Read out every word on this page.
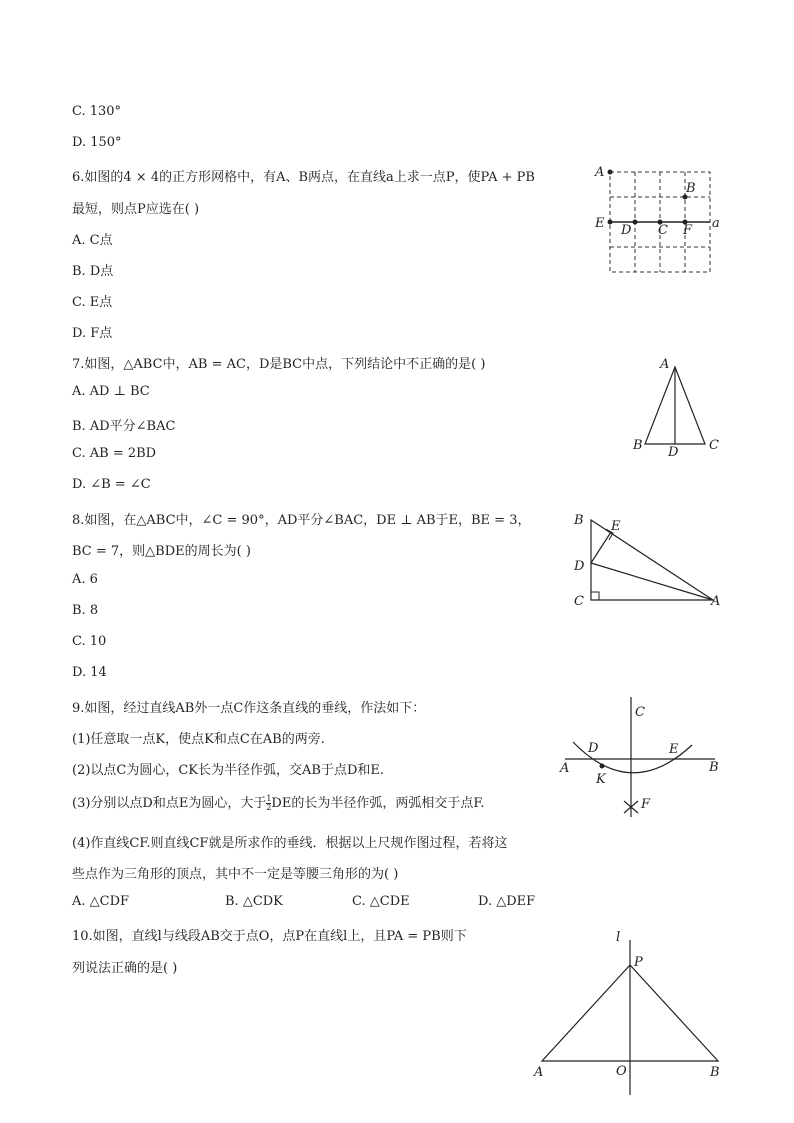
C. 130°
D. 150°
6.如图的4 × 4的正方形网格中，有A、B两点，在直线a上求一点P，使PA + PB
最短，则点P应选在( )
A. C点
B. D点
C. E点
D. F点
A
B
E D C F a
7.如图，△ABC中，AB = AC，D是BC中点，下列结论中不正确的是( )
A. AD ⊥ BC
B. AD平分∠BAC
C. AB = 2BD
D. ∠B = ∠C
A
B	C
D
8.如图，在△ABC中，∠C = 90°，AD平分∠BAC，DE ⊥ AB于E，BE = 3，
BC = 7，则△BDE的周长为( )
A. 6
B. 8
C. 10
D. 14
B E
D
C	A
9.如图，经过直线AB外一点C作这条直线的垂线，作法如下：
(1)任意取一点K，使点K和点C在AB的两旁.
(2)以点C为圆心，CK长为半径作弧，交AB于点D和E.
(3)分别以点D和点E为圆心，大于 $\frac{1}{2}$ DE的长为半径作弧，两弧相交于点F.
(4)作直线CF.则直线CF就是所求作的垂线．根据以上尺规作图过程，若将这
些点作为三角形的顶点，其中不一定是等腰三角形的为( )
A. △CDF	B. △CDK	C. △CDE	D. △DEF
C
D	E
A	B
K
F
10.如图，直线l与线段AB交于点O，点P在直线l上，且PA = PB则下
列说法正确的是( )
l
P
A	O	B
